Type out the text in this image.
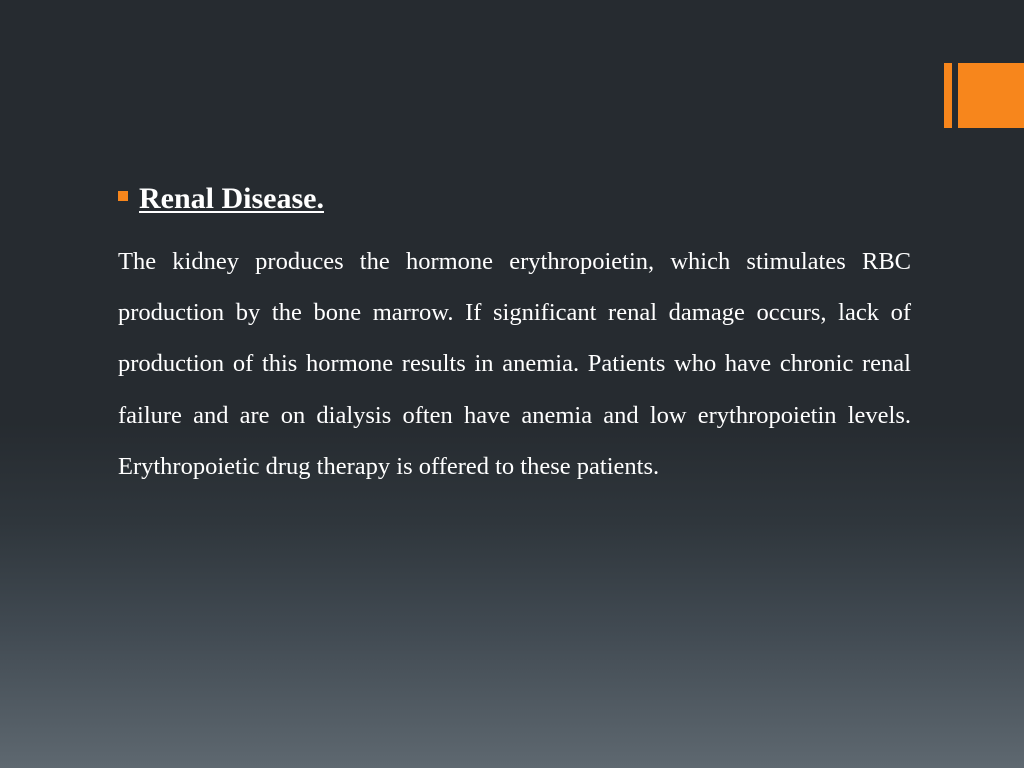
Renal Disease.

The kidney produces the hormone erythropoietin, which stimulates RBC production by the bone marrow. If significant renal damage occurs, lack of production of this hormone results in anemia. Patients who have chronic renal failure and are on dialysis often have anemia and low erythropoietin levels. Erythropoietic drug therapy is offered to these patients.
